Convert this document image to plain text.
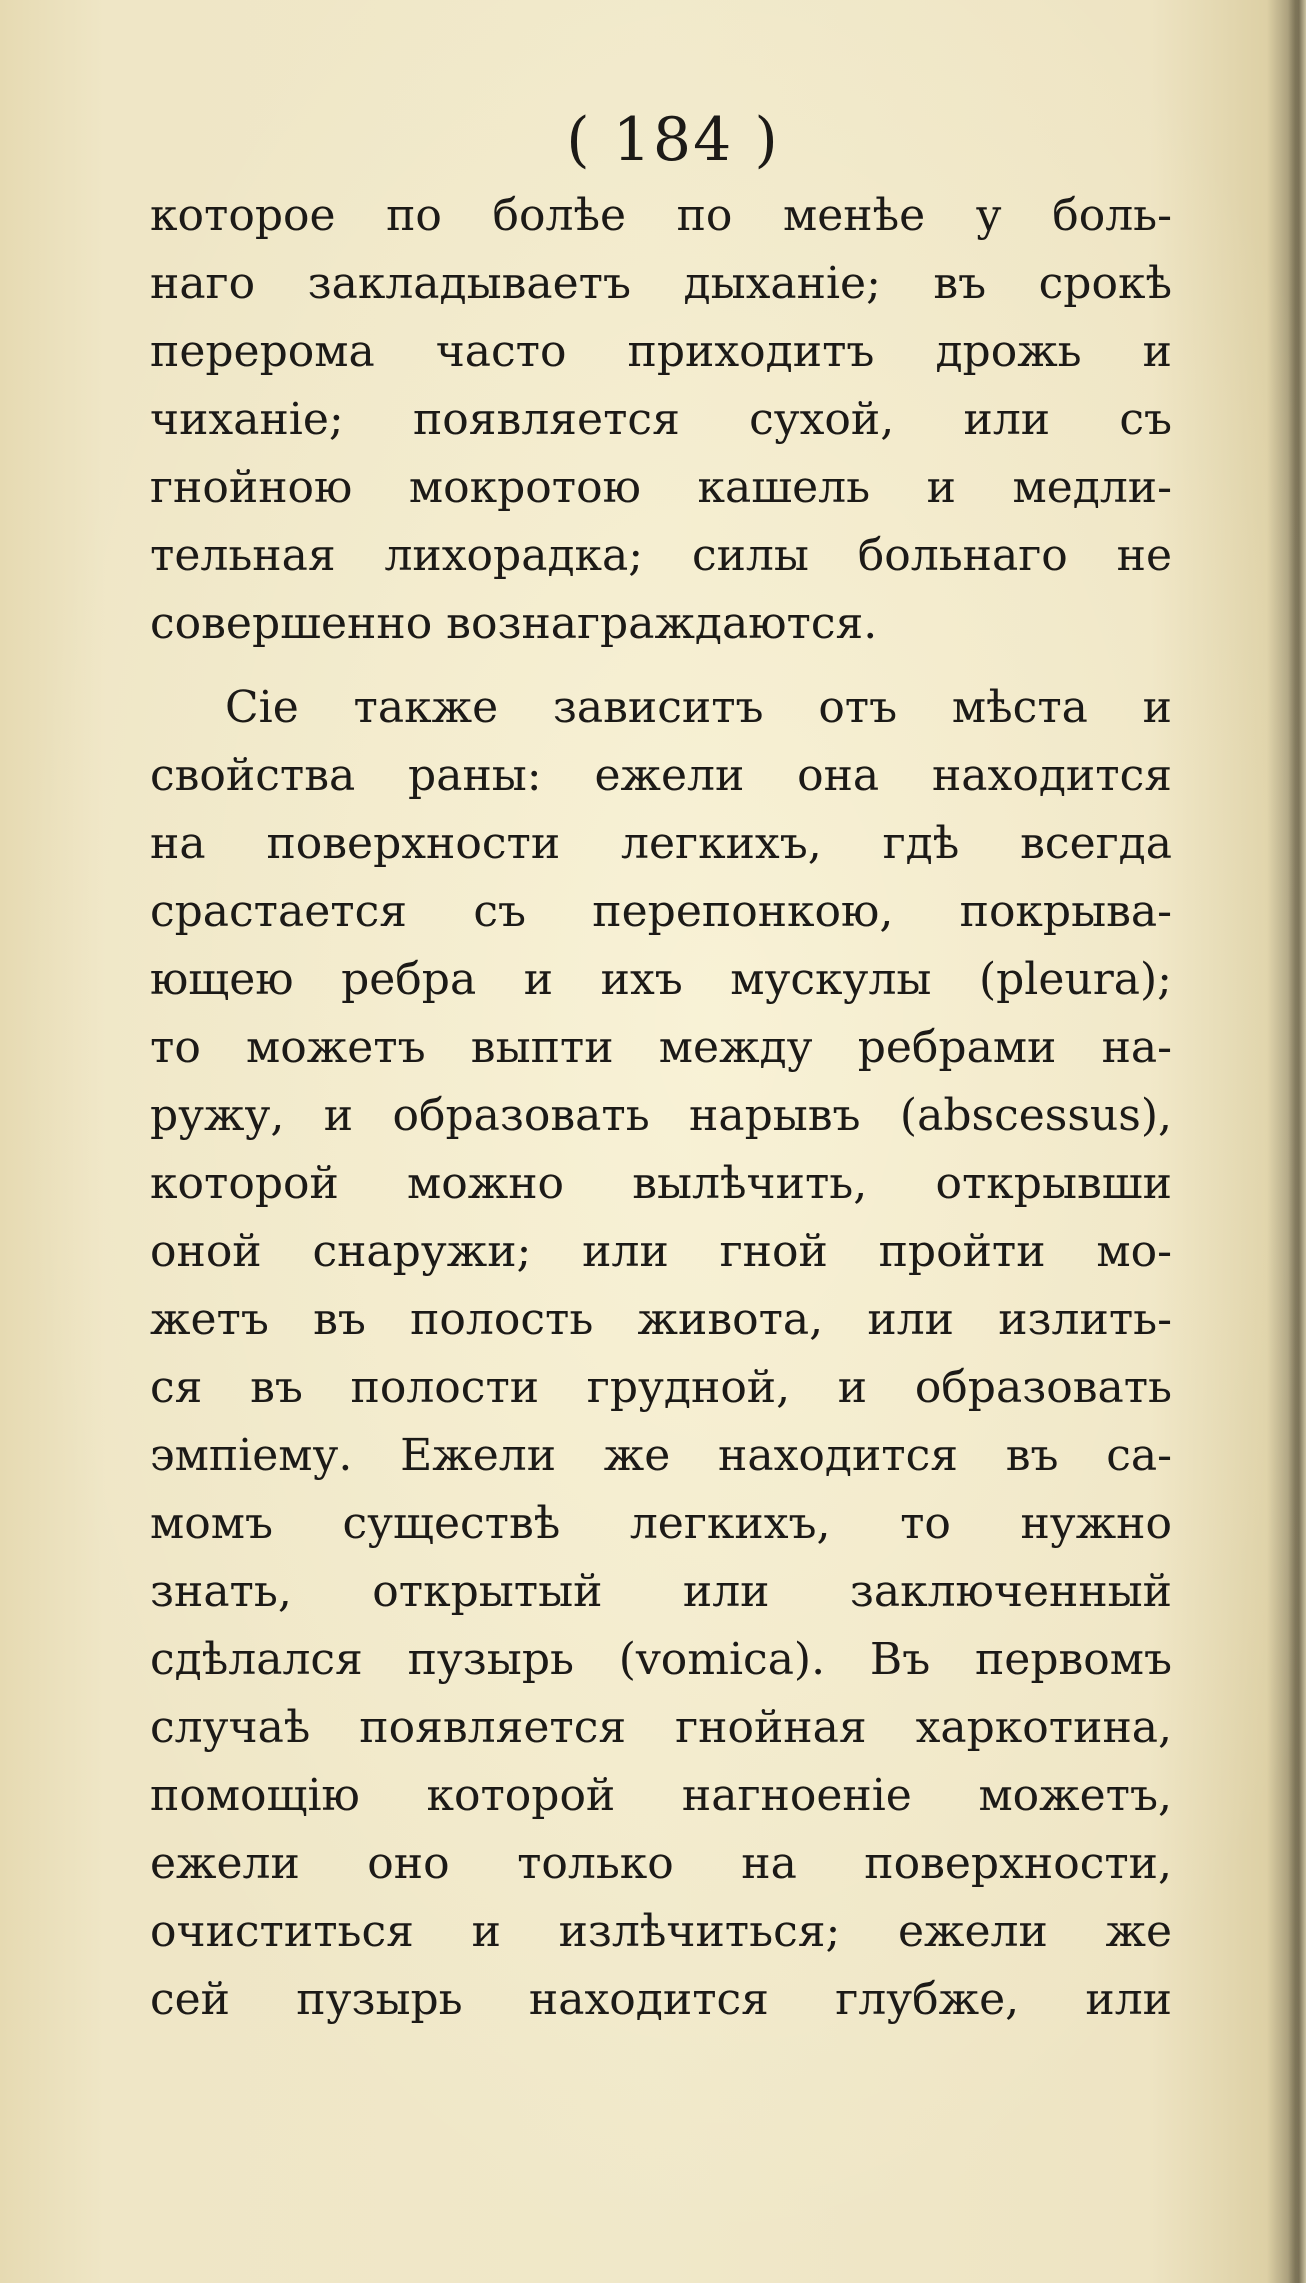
( 184 )
которое по болѣе по менѣе у боль-
наго закладываетъ дыханіе; въ срокѣ
перерома часто приходитъ дрожь и
чиханіе; появляется сухой, или съ
гнойною мокротою кашель и медли-
тельная лихорадка; силы больнаго не
совершенно вознаграждаются.
Сіе также зависитъ отъ мѣста и
свойства раны: ежели она находится
на поверхности легкихъ, гдѣ всегда
срастается съ перепонкою, покрыва-
ющею ребра и ихъ мускулы (pleura);
то можетъ выпти между ребрами на-
ружу, и образовать нарывъ (abscessus),
которой можно вылѣчить, открывши
оной снаружи; или гной пройти мо-
жетъ въ полость живота, или излить-
ся въ полости грудной, и образовать
эмпіему. Ежели же находится въ са-
момъ существѣ легкихъ, то нужно
знать, открытый или заключенный
сдѣлался пузырь (vomica). Въ первомъ
случаѣ появляется гнойная харкотина,
помощію которой нагноеніе можетъ,
ежели оно только на поверхности,
очиститься и излѣчиться; ежели же
сей пузырь находится глубже, или
